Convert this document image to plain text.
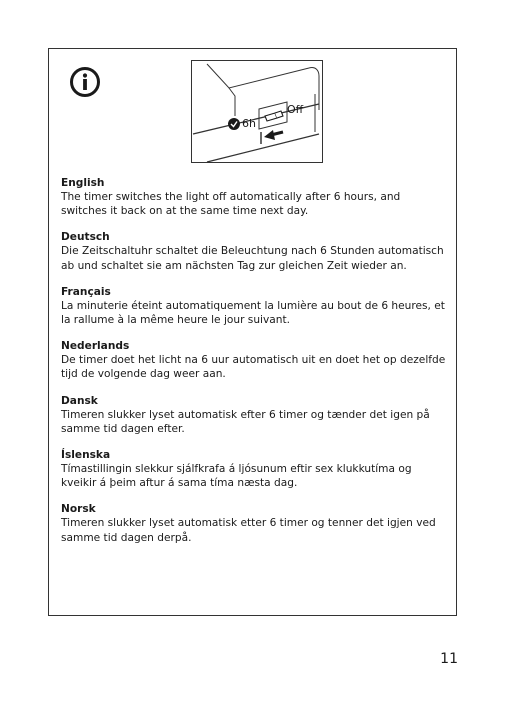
6h
Off

English

The timer switches the light off automatically after 6 hours, and switches it back on at the same time next day.

Deutsch

Die Zeitschaltuhr schaltet die Beleuchtung nach 6 Stunden automatisch ab und schaltet sie am nächsten Tag zur gleichen Zeit wieder an.

Français

La minuterie éteint automatiquement la lumière au bout de 6 heures, et la rallume à la même heure le jour suivant.

Nederlands

De timer doet het licht na 6 uur automatisch uit en doet het op dezelfde tijd de volgende dag weer aan.

Dansk

Timeren slukker lyset automatisk efter 6 timer og tænder det igen på samme tid dagen efter.

Íslenska

Tímastillingin slekkur sjálfkrafa á ljósunum eftir sex klukkutíma og kveikir á þeim aftur á sama tíma næsta dag.

Norsk

Timeren slukker lyset automatisk etter 6 timer og tenner det igjen ved samme tid dagen derpå.

11
